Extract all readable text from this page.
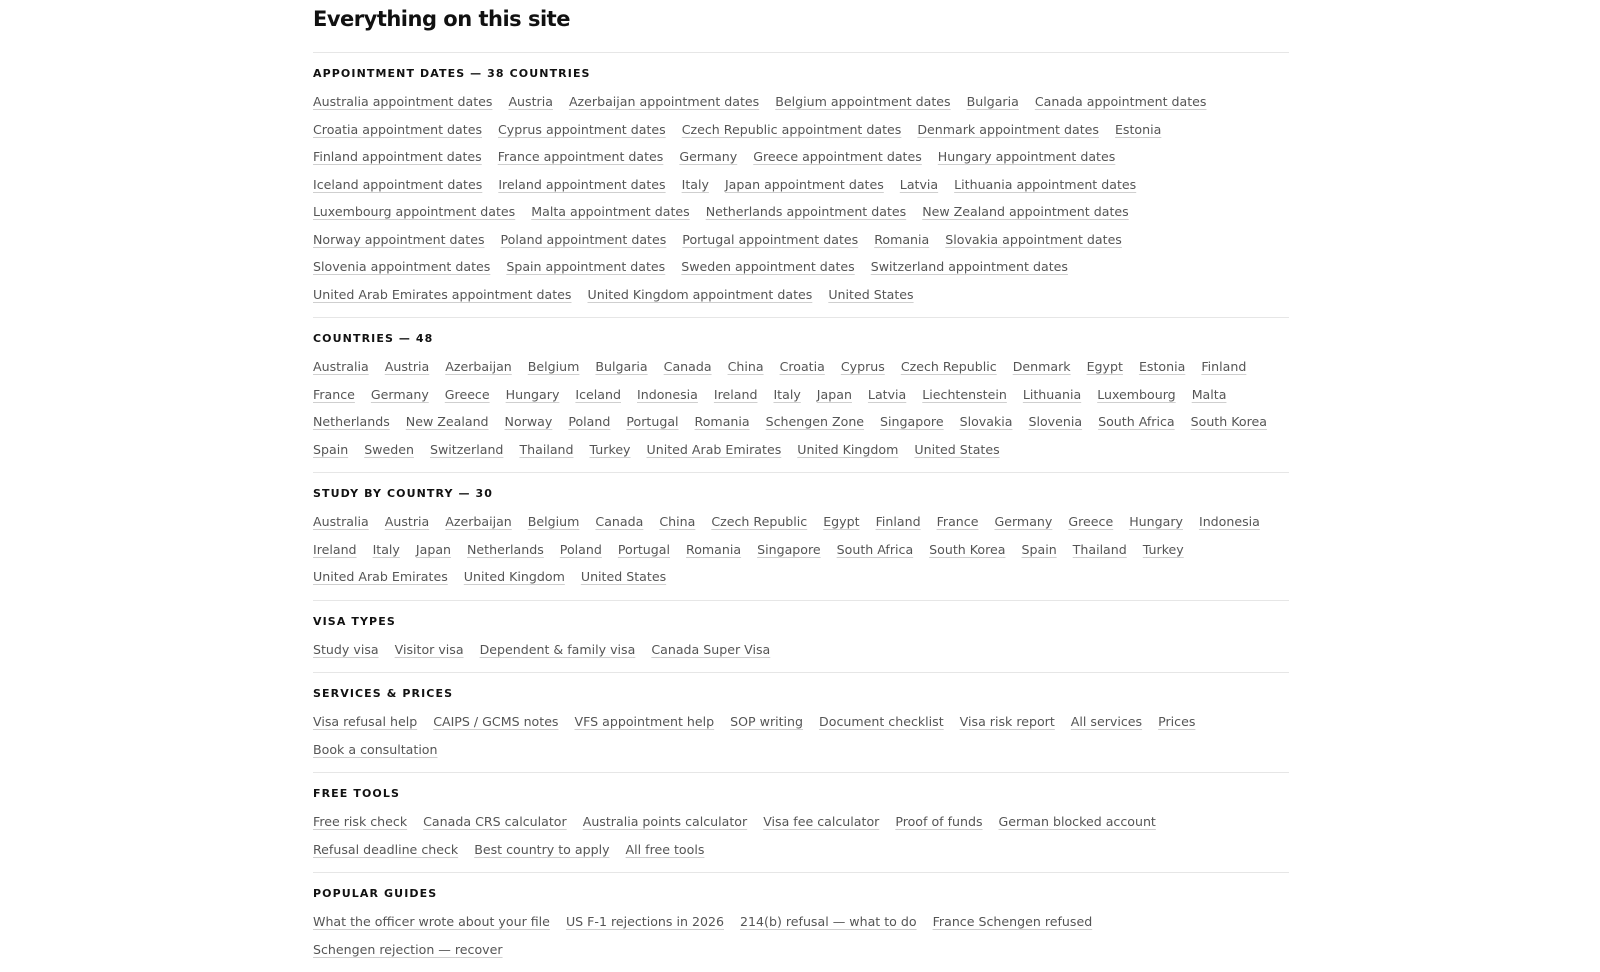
Everything on this site
APPOINTMENT DATES — 38 COUNTRIES
Australia appointment dates Austria Azerbaijan appointment dates Belgium appointment dates Bulgaria Canada appointment dates
Croatia appointment dates Cyprus appointment dates Czech Republic appointment dates Denmark appointment dates Estonia
Finland appointment dates France appointment dates Germany Greece appointment dates Hungary appointment dates
Iceland appointment dates Ireland appointment dates Italy Japan appointment dates Latvia Lithuania appointment dates
Luxembourg appointment dates Malta appointment dates Netherlands appointment dates New Zealand appointment dates
Norway appointment dates Poland appointment dates Portugal appointment dates Romania Slovakia appointment dates
Slovenia appointment dates Spain appointment dates Sweden appointment dates Switzerland appointment dates
United Arab Emirates appointment dates United Kingdom appointment dates United States
COUNTRIES — 48
Australia Austria Azerbaijan Belgium Bulgaria Canada China Croatia Cyprus Czech Republic Denmark Egypt Estonia Finland
France Germany Greece Hungary Iceland Indonesia Ireland Italy Japan Latvia Liechtenstein Lithuania Luxembourg Malta
Netherlands New Zealand Norway Poland Portugal Romania Schengen Zone Singapore Slovakia Slovenia South Africa South Korea
Spain Sweden Switzerland Thailand Turkey United Arab Emirates United Kingdom United States
STUDY BY COUNTRY — 30
Australia Austria Azerbaijan Belgium Canada China Czech Republic Egypt Finland France Germany Greece Hungary Indonesia
Ireland Italy Japan Netherlands Poland Portugal Romania Singapore South Africa South Korea Spain Thailand Turkey
United Arab Emirates United Kingdom United States
VISA TYPES
Study visa Visitor visa Dependent & family visa Canada Super Visa
SERVICES & PRICES
Visa refusal help CAIPS / GCMS notes VFS appointment help SOP writing Document checklist Visa risk report All services Prices
Book a consultation
FREE TOOLS
Free risk check Canada CRS calculator Australia points calculator Visa fee calculator Proof of funds German blocked account
Refusal deadline check Best country to apply All free tools
POPULAR GUIDES
What the officer wrote about your file US F-1 rejections in 2026 214(b) refusal — what to do France Schengen refused
Schengen rejection — recover
